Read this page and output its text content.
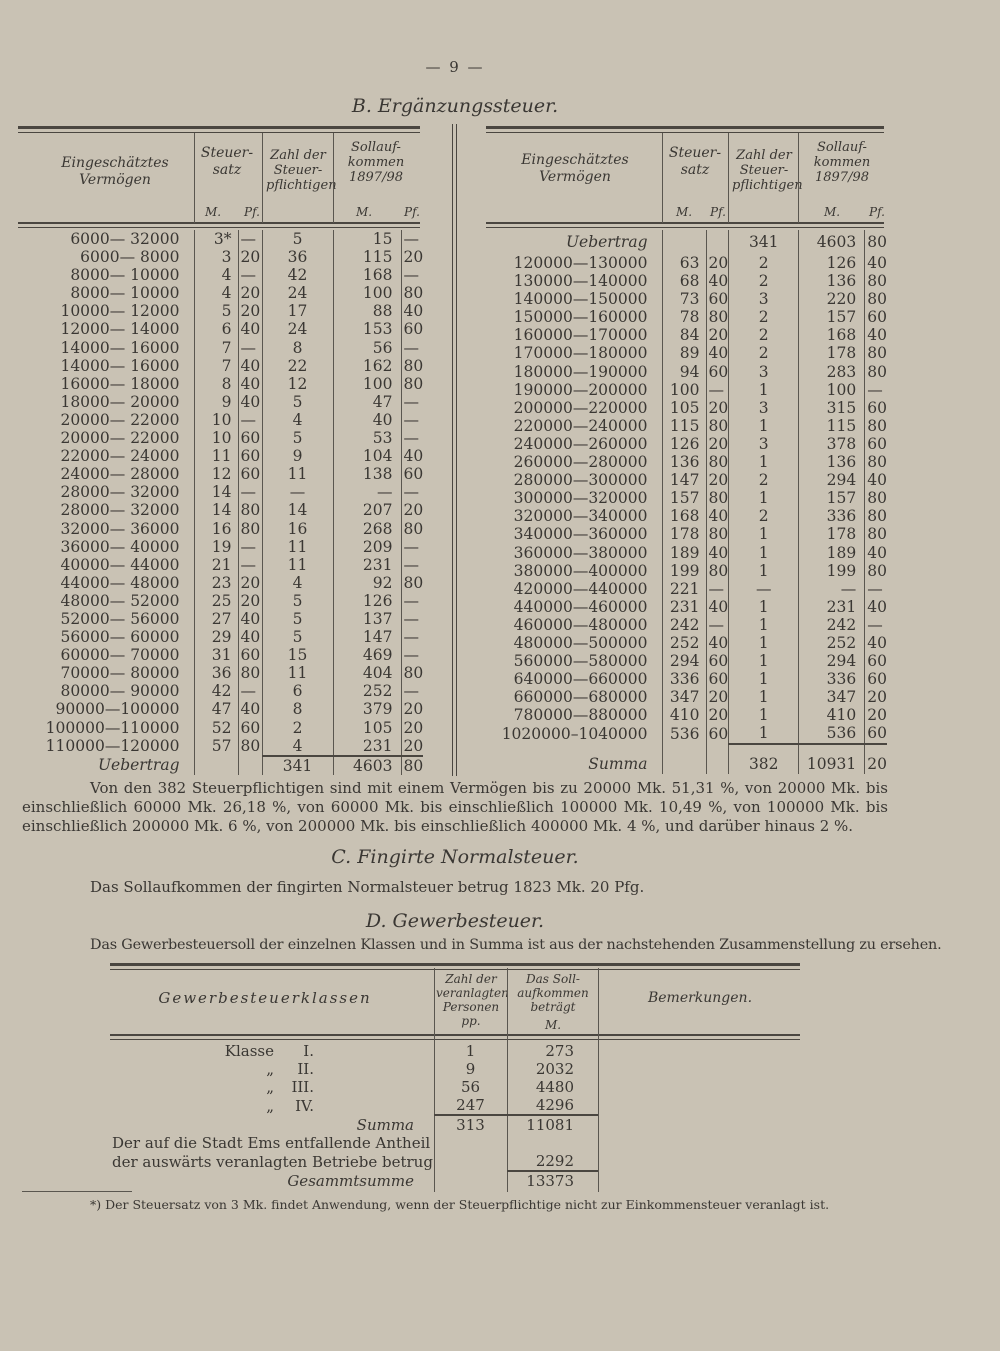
— 9 —
B. Ergänzungssteuer.
Eingeschätztes Vermögen
Steuer- satz
Zahl der Steuer- pflichtigen
Sollauf- kommen 1897/98
M. Pf.	M.	Pf.
Eingeschätztes Vermögen
Steuer- satz
Zahl der Steuer- pflichtigen
Sollauf- kommen 1897/98
M. Pf.	M. Pf.
6000— 32000	3*	—	5	15	—
6000— 8000	3	20	36	115	20
8000— 10000	4	—	42	168	—
8000— 10000	4	20	24	100	80
10000— 12000	5	20	17	88	40
12000— 14000	6	40	24	153	60
14000— 16000	7	—	8	56	—
14000— 16000	7	40	22	162	80
16000— 18000	8	40	12	100	80
18000— 20000	9	40	5	47	—
20000— 22000	10	—	4	40	—
20000— 22000	10	60	5	53	—
22000— 24000	11	60	9	104	40
24000— 28000	12	60	11	138	60
28000— 32000	14	—	—	—	—
28000— 32000	14	80	14	207	20
32000— 36000	16	80	16	268	80
36000— 40000	19	—	11	209	—
40000— 44000	21	—	11	231	—
44000— 48000	23	20	4	92	80
48000— 52000	25	20	5	126	—
52000— 56000	27	40	5	137	—
56000— 60000	29	40	5	147	—
60000— 70000	31	60	15	469	—
70000— 80000	36	80	11	404	80
80000— 90000	42	—	6	252	—
90000—100000	47	40	8	379	20
100000—110000	52	60	2	105	20
110000—120000	57	80	4	231	20
Uebertrag			341	4603	80
Uebertrag			341	4603	80
120000—130000	63	20	2	126	40
130000—140000	68	40	2	136	80
140000—150000	73	60	3	220	80
150000—160000	78	80	2	157	60
160000—170000	84	20	2	168	40
170000—180000	89	40	2	178	80
180000—190000	94	60	3	283	80
190000—200000	100	—	1	100	—
200000—220000	105	20	3	315	60
220000—240000	115	80	1	115	80
240000—260000	126	20	3	378	60
260000—280000	136	80	1	136	80
280000—300000	147	20	2	294	40
300000—320000	157	80	1	157	80
320000—340000	168	40	2	336	80
340000—360000	178	80	1	178	80
360000—380000	189	40	1	189	40
380000—400000	199	80	1	199	80
420000—440000	221	—	—	—	—
440000—460000	231	40	1	231	40
460000—480000	242	—	1	242	—
480000—500000	252	40	1	252	40
560000—580000	294	60	1	294	60
640000—660000	336	60	1	336	60
660000—680000	347	20	1	347	20
780000—880000	410	20	1	410	20
1020000–1040000	536	60	1	536	60
Summa			382	10931	20
Von den 382 Steuerpflichtigen sind mit einem Vermögen bis zu 20000 Mk. 51,31 %, von 20000 Mk. bis einschließlich 60000 Mk. 26,18 %, von 60000 Mk. bis einschließlich 100000 Mk. 10,49 %, von 100000 Mk. bis einschließlich 200000 Mk. 6 %, von 200000 Mk. bis einschließlich 400000 Mk. 4 %, und darüber hinaus 2 %.
C. Fingirte Normalsteuer.
Das Sollaufkommen der fingirten Normalsteuer betrug 1823 Mk. 20 Pfg.
D. Gewerbesteuer.
Das Gewerbesteuersoll der einzelnen Klassen und in Summa ist aus der nachstehenden Zusammenstellung zu ersehen.
Gewerbesteuerklassen
Zahl der veranlagten Personen pp.
Das Soll- aufkommen beträgt
M.
Bemerkungen.
Klasse I.	1	273
„ II.	9	2032
„ III.	56	4480
„ IV.	247	4296
Summa	313	11081
Der auf die Stadt Ems entfallende Antheil		
der auswärts veranlagten Betriebe betrug		2292
Gesammtsumme		13373
*) Der Steuersatz von 3 Mk. findet Anwendung, wenn der Steuerpflichtige nicht zur Einkommensteuer veranlagt ist.
